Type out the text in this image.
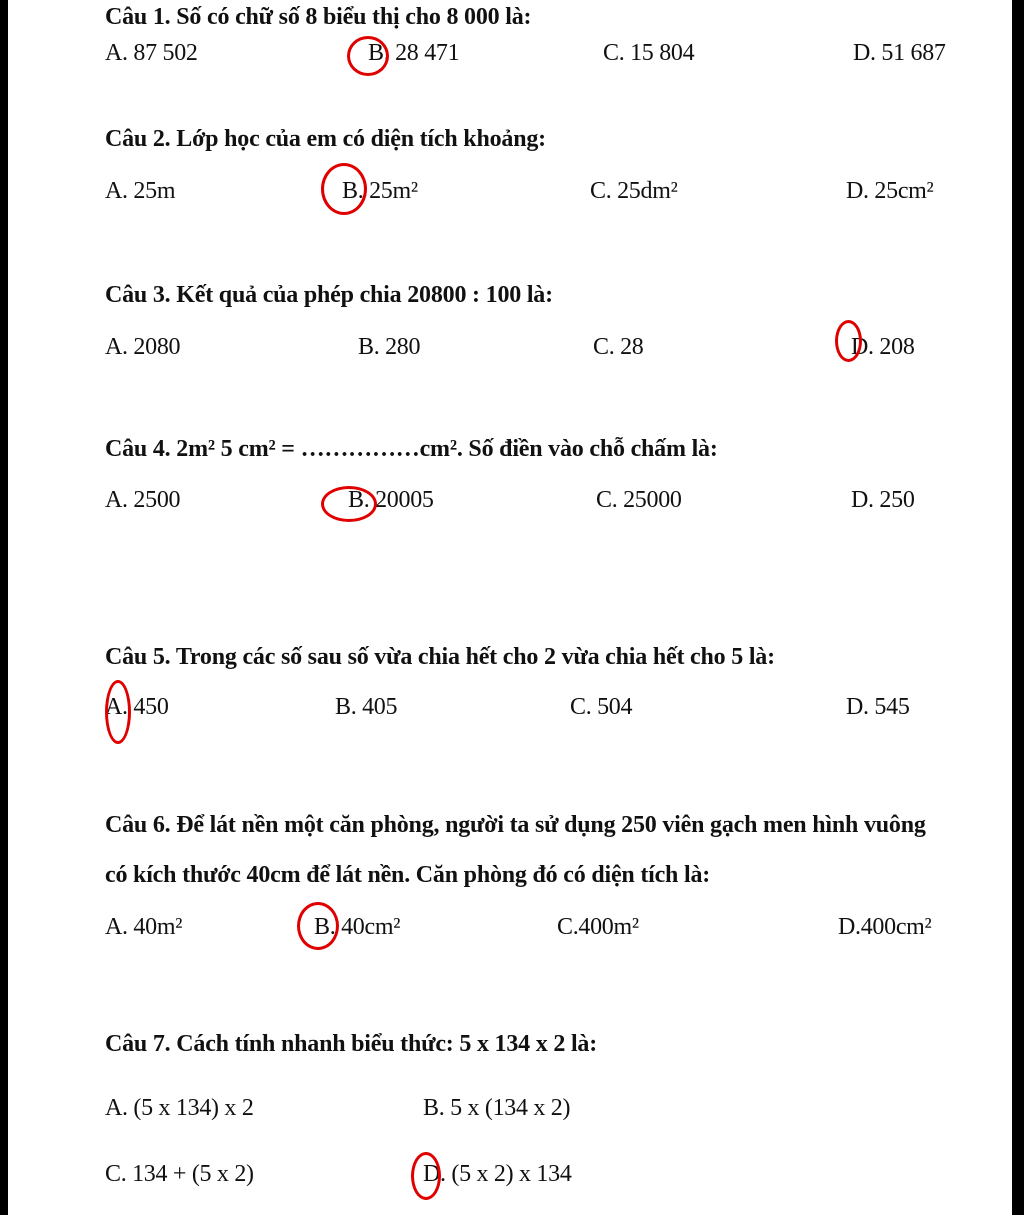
Câu 1. Số có chữ số 8 biểu thị cho 8 000 là:
A. 87 502	B. 28 471	C. 15 804	D. 51 687
Câu 2. Lớp học của em có diện tích khoảng:
A. 25m	B. 25m²	C. 25dm²	D. 25cm²
Câu 3. Kết quả của phép chia 20800 : 100 là:
A. 2080	B. 280	C. 28	D. 208
Câu 4. 2m² 5 cm² = ……………cm². Số điền vào chỗ chấm là:
A. 2500	B. 20005	C. 25000	D. 250
Câu 5. Trong các số sau số vừa chia hết cho 2 vừa chia hết cho 5 là:
A. 450	B. 405	C. 504	D. 545
Câu 6. Để lát nền một căn phòng, người ta sử dụng 250 viên gạch men hình vuông
có kích thước 40cm để lát nền. Căn phòng đó có diện tích là:
A. 40m²	B. 40cm²	C.400m²	D.400cm²
Câu 7. Cách tính nhanh biểu thức: 5 x 134 x 2 là:
A. (5 x 134) x 2	B. 5 x (134 x 2)
C. 134 + (5 x 2)	D. (5 x 2) x 134
